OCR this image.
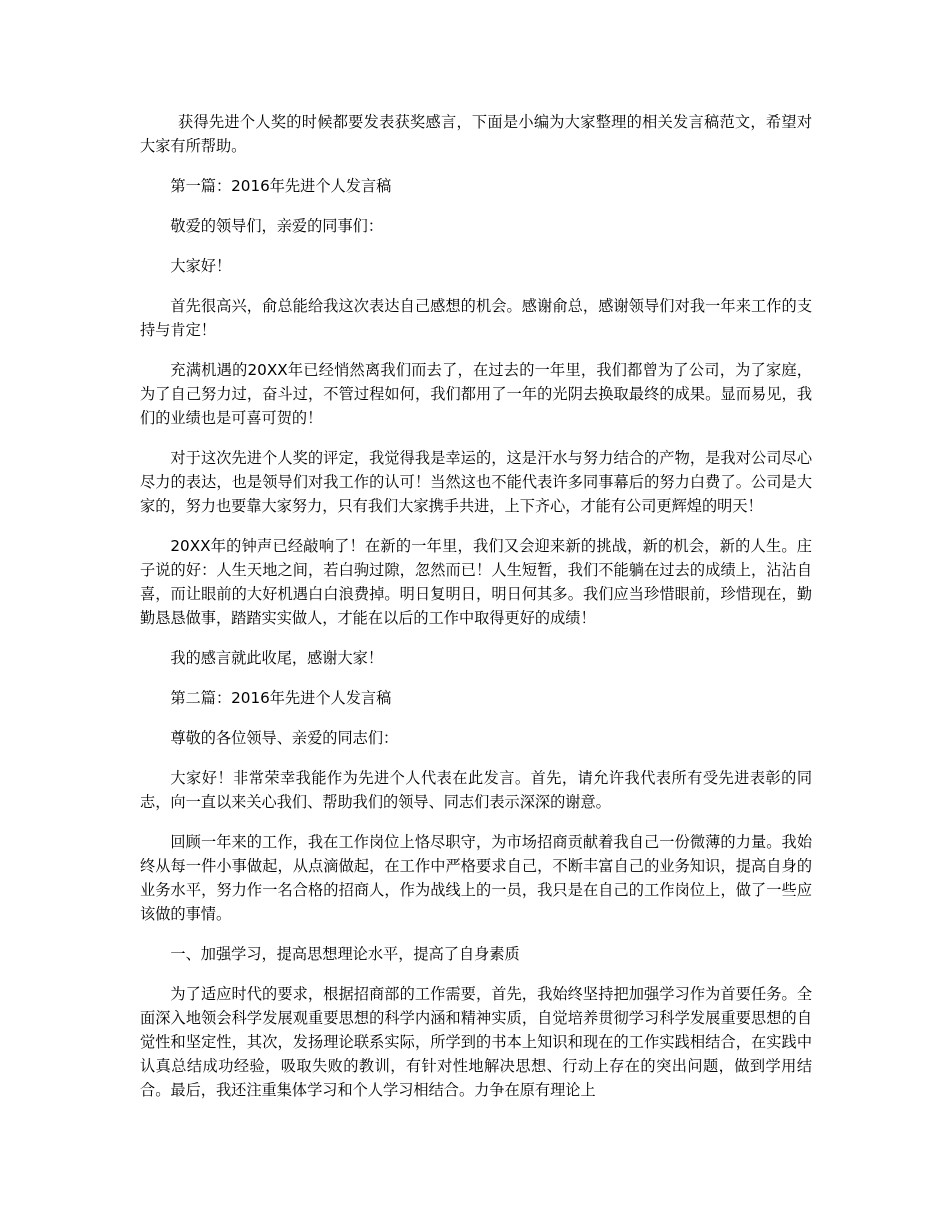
获得先进个人奖的时候都要发表获奖感言，下面是小编为大家整理的相关发言稿范文，希望对大家有所帮助。

第一篇：2016年先进个人发言稿

敬爱的领导们，亲爱的同事们：

大家好！

首先很高兴，俞总能给我这次表达自己感想的机会。感谢俞总，感谢领导们对我一年来工作的支持与肯定！

充满机遇的20XX年已经悄然离我们而去了，在过去的一年里，我们都曾为了公司，为了家庭，为了自己努力过，奋斗过，不管过程如何，我们都用了一年的光阴去换取最终的成果。显而易见，我们的业绩也是可喜可贺的！

对于这次先进个人奖的评定，我觉得我是幸运的，这是汗水与努力结合的产物，是我对公司尽心尽力的表达，也是领导们对我工作的认可！当然这也不能代表许多同事幕后的努力白费了。公司是大家的，努力也要靠大家努力，只有我们大家携手共进，上下齐心，才能有公司更辉煌的明天！

20XX年的钟声已经敲响了！在新的一年里，我们又会迎来新的挑战，新的机会，新的人生。庄子说的好：人生天地之间，若白驹过隙，忽然而已！人生短暂，我们不能躺在过去的成绩上，沾沾自喜，而让眼前的大好机遇白白浪费掉。明日复明日，明日何其多。我们应当珍惜眼前，珍惜现在，勤勤恳恳做事，踏踏实实做人，才能在以后的工作中取得更好的成绩！

我的感言就此收尾，感谢大家！

第二篇：2016年先进个人发言稿

尊敬的各位领导、亲爱的同志们：

大家好！非常荣幸我能作为先进个人代表在此发言。首先，请允许我代表所有受先进表彰的同志，向一直以来关心我们、帮助我们的领导、同志们表示深深的谢意。

回顾一年来的工作，我在工作岗位上恪尽职守，为市场招商贡献着我自己一份微薄的力量。我始终从每一件小事做起，从点滴做起，在工作中严格要求自己，不断丰富自己的业务知识，提高自身的业务水平，努力作一名合格的招商人，作为战线上的一员，我只是在自己的工作岗位上，做了一些应该做的事情。

一、加强学习，提高思想理论水平，提高了自身素质

为了适应时代的要求，根据招商部的工作需要，首先，我始终坚持把加强学习作为首要任务。全面深入地领会科学发展观重要思想的科学内涵和精神实质，自觉培养贯彻学习科学发展重要思想的自觉性和坚定性，其次，发扬理论联系实际，所学到的书本上知识和现在的工作实践相结合，在实践中认真总结成功经验，吸取失败的教训，有针对性地解决思想、行动上存在的突出问题，做到学用结合。最后，我还注重集体学习和个人学习相结合。力争在原有理论上
